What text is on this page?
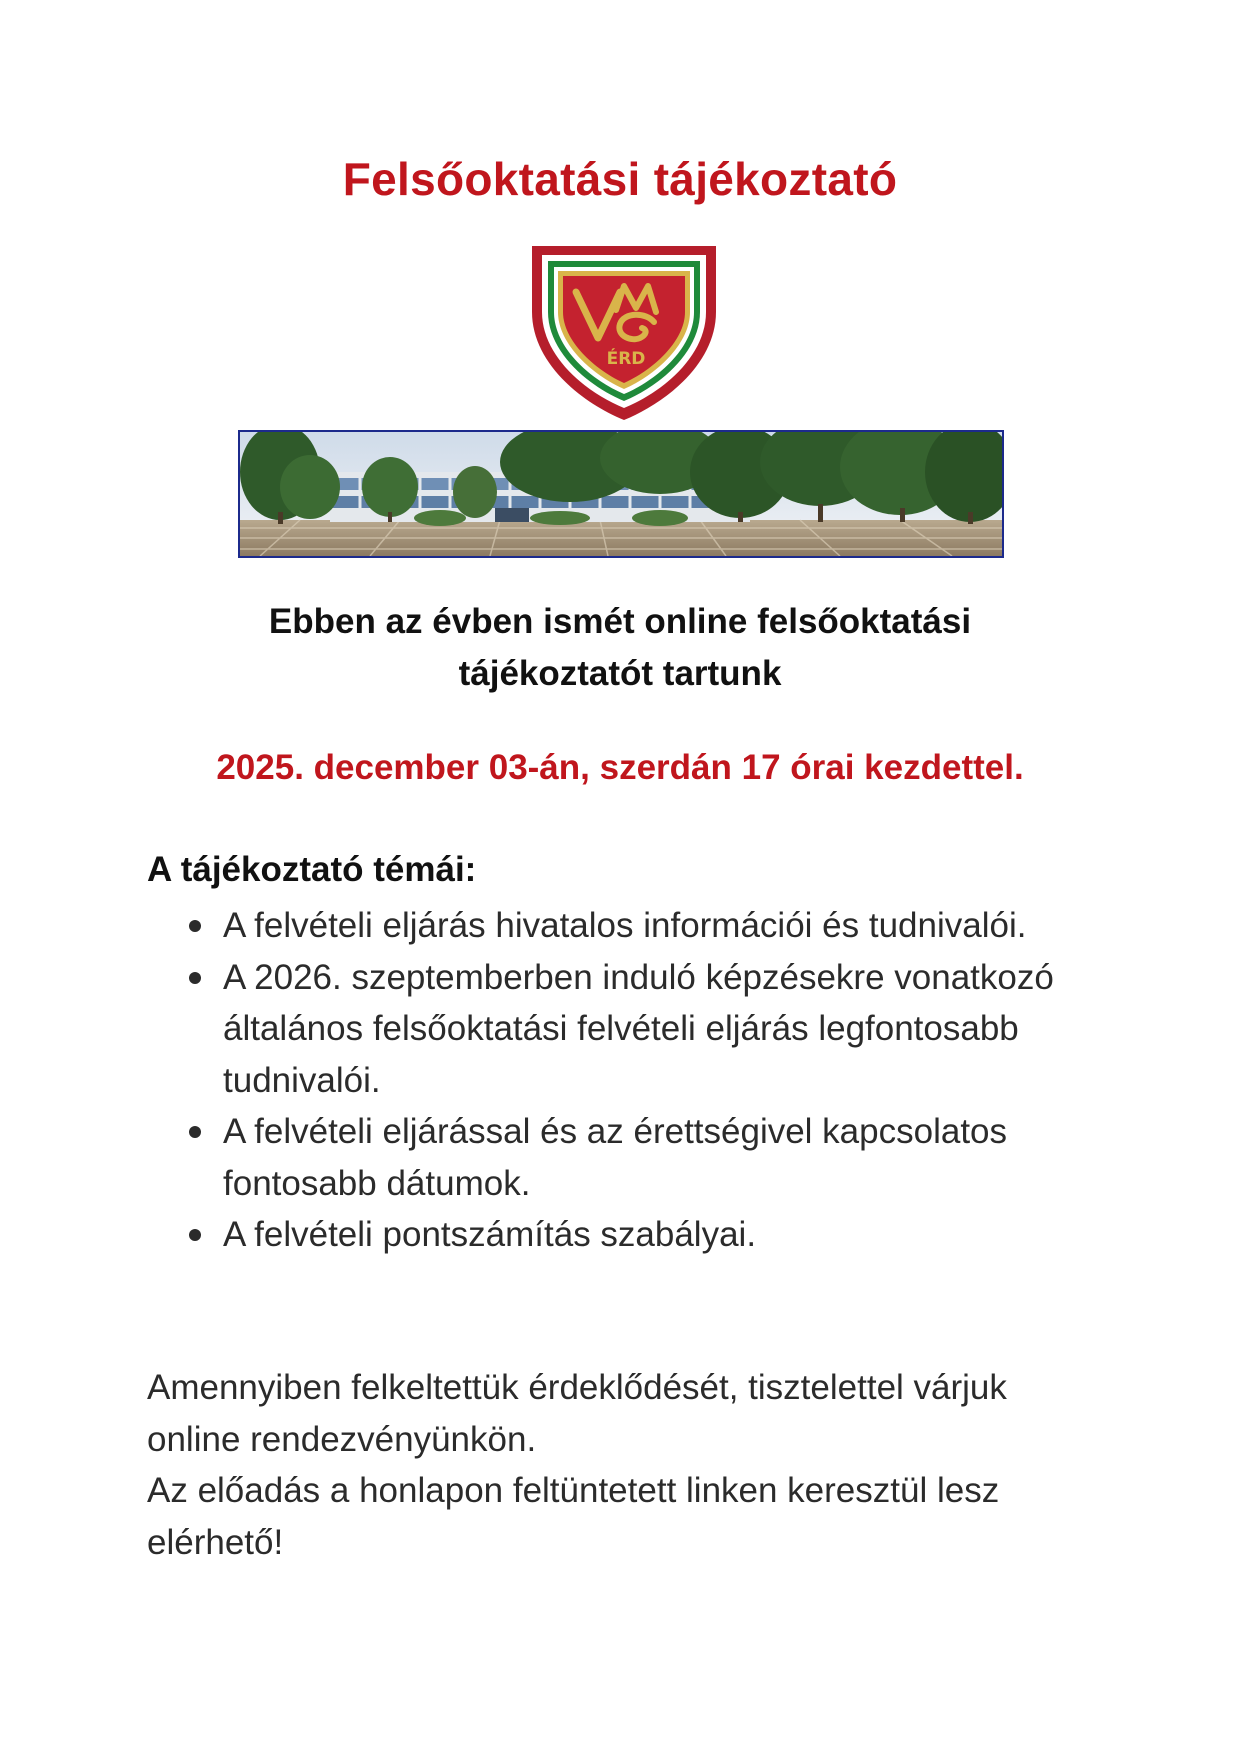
Felsőoktatási tájékoztató
ÉRD
Ebben az évben ismét online felsőoktatási
tájékoztatót tartunk
2025. december 03-án, szerdán 17 órai kezdettel.
A tájékoztató témái:
A felvételi eljárás hivatalos információi és tudnivalói.
A 2026. szeptemberben induló képzésekre vonatkozó általános felsőoktatási felvételi eljárás legfontosabb tudnivalói.
A felvételi eljárással és az érettségivel kapcsolatos fontosabb dátumok.
A felvételi pontszámítás szabályai.

Amennyiben felkeltettük érdeklődését, tisztelettel várjuk online rendezvényünkön.

Az előadás a honlapon feltüntetett linken keresztül lesz elérhető!
